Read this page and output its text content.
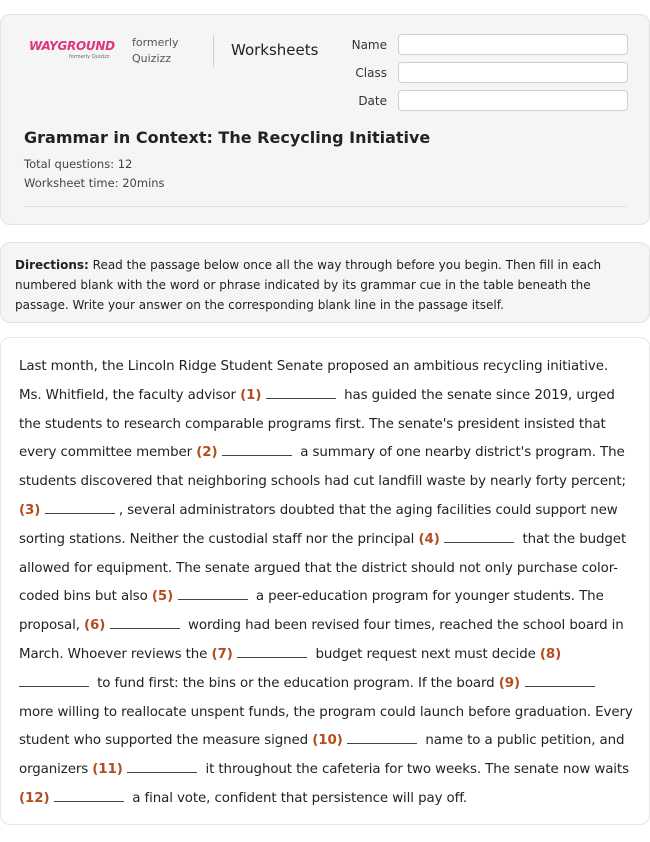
WAYGROUND
formerly Quizizz
formerly Quizizz	Worksheets	Name
Class
Date
Grammar in Context: The Recycling Initiative
Total questions: 12
Worksheet time: 20mins

Directions: Read the passage below once all the way through before you begin. Then fill in each numbered blank with the word or phrase indicated by its grammar cue in the table beneath the passage. Write your answer on the corresponding blank line in the passage itself.

Last month, the Lincoln Ridge Student Senate proposed an ambitious recycling initiative. Ms. Whitfield, the faculty advisor (1)	has guided the senate since 2019, urged the students to research comparable programs first. The senate's president insisted that every committee member (2)	a summary of one nearby district's program. The students discovered that neighboring schools had cut landfill waste by nearly forty percent; (3)	, several administrators doubted that the aging facilities could support new sorting stations. Neither the custodial staff nor the principal (4)	that the budget allowed for equipment. The senate argued that the district should not only purchase color-coded bins but also (5)	a peer-education program for younger students. The proposal, (6)	wording had been revised four times, reached the school board in March. Whoever reviews the (7)	budget request next must decide (8)  to fund first: the bins or the education program. If the board (9)  more willing to reallocate unspent funds, the program could launch before graduation. Every student who supported the measure signed (10)	name to a public petition, and organizers (11)	it throughout the cafeteria for two weeks. The senate now waits (12)	a final vote, confident that persistence will pay off.
